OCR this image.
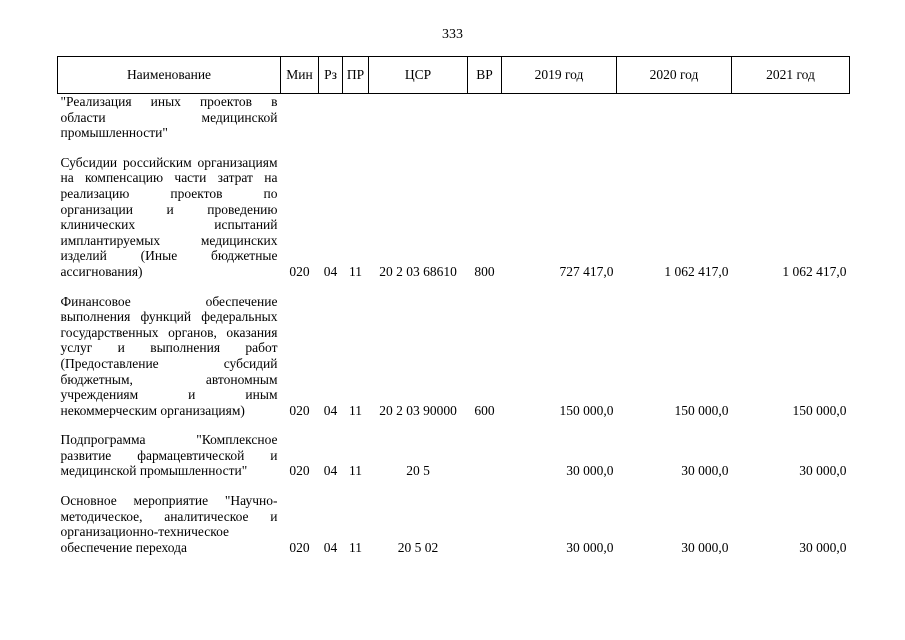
333
Наименование	Мин	Рз	ПР	ЦСР	ВР	2019 год	2020 год	2021 год
"Реализация иных проектов в области медицинской промышленности"								

Субсидии российским организациям на компенсацию части затрат на реализацию проектов по организации и проведению клинических испытаний имплантируемых медицинских изделий (Иные бюджетные ассигнования)	020	04	11	20 2 03 68610	800	727 417,0	1 062 417,0	1 062 417,0

Финансовое обеспечение выполнения функций федеральных государственных органов, оказания услуг и выполнения работ (Предоставление субсидий бюджетным, автономным учреждениям и иным некоммерческим организациям)	020	04	11	20 2 03 90000	600	150 000,0	150 000,0	150 000,0

Подпрограмма "Комплексное развитие фармацевтической и медицинской промышленности"	020	04	11	20 5		30 000,0	30 000,0	30 000,0

Основное мероприятие "Научно-методическое, аналитическое и организационно-техническое обеспечение перехода	020	04	11	20 5 02		30 000,0	30 000,0	30 000,0
